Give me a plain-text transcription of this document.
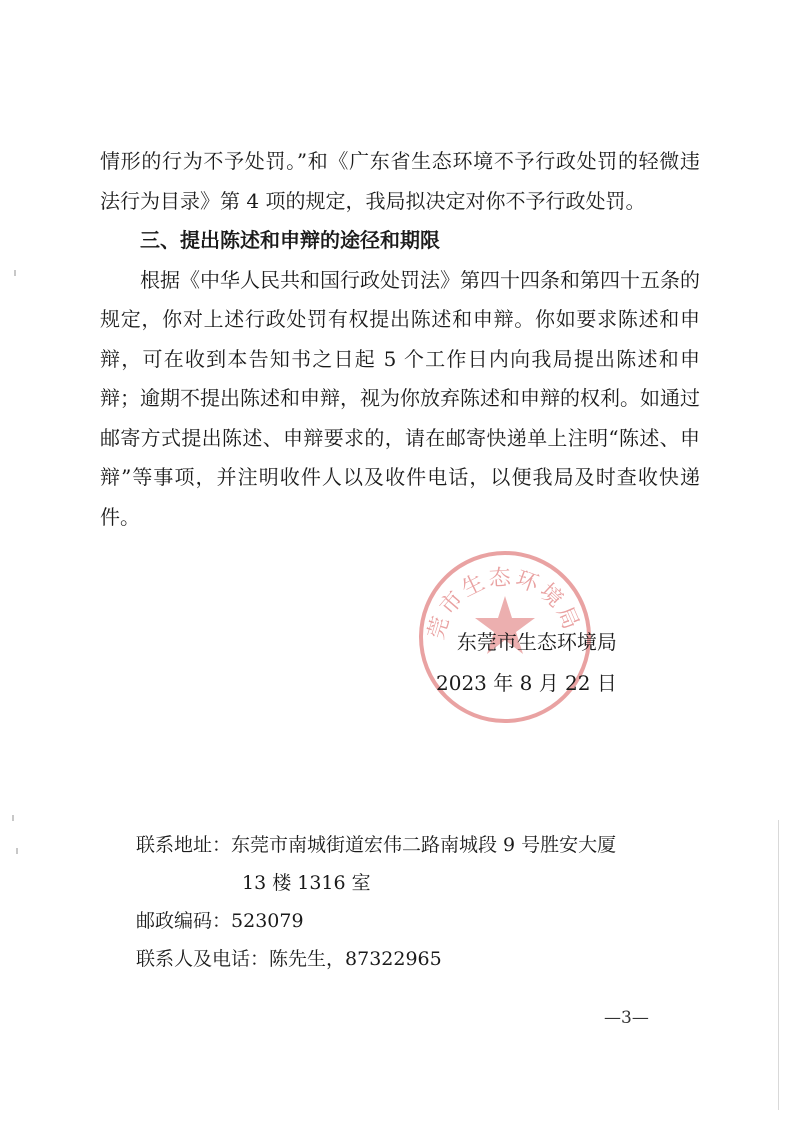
情形的行为不予处罚。”和《广东省生态环境不予行政处罚的轻微违法行为目录》第 4 项的规定，我局拟决定对你不予行政处罚。

三、提出陈述和申辩的途径和期限

根据《中华人民共和国行政处罚法》第四十四条和第四十五条的规定，你对上述行政处罚有权提出陈述和申辩。你如要求陈述和申辩，可在收到本告知书之日起 5 个工作日内向我局提出陈述和申辩；逾期不提出陈述和申辩，视为你放弃陈述和申辩的权利。如通过邮寄方式提出陈述、申辩要求的，请在邮寄快递单上注明“陈述、申辩”等事项，并注明收件人以及收件电话，以便我局及时查收快递件。

莞市生态环境局
东莞市生态环境局
2023 年 8 月 22 日
联系地址：东莞市南城街道宏伟二路南城段 9 号胜安大厦
13 楼 1316 室
邮政编码：523079
联系人及电话：陈先生，87322965
—3—
